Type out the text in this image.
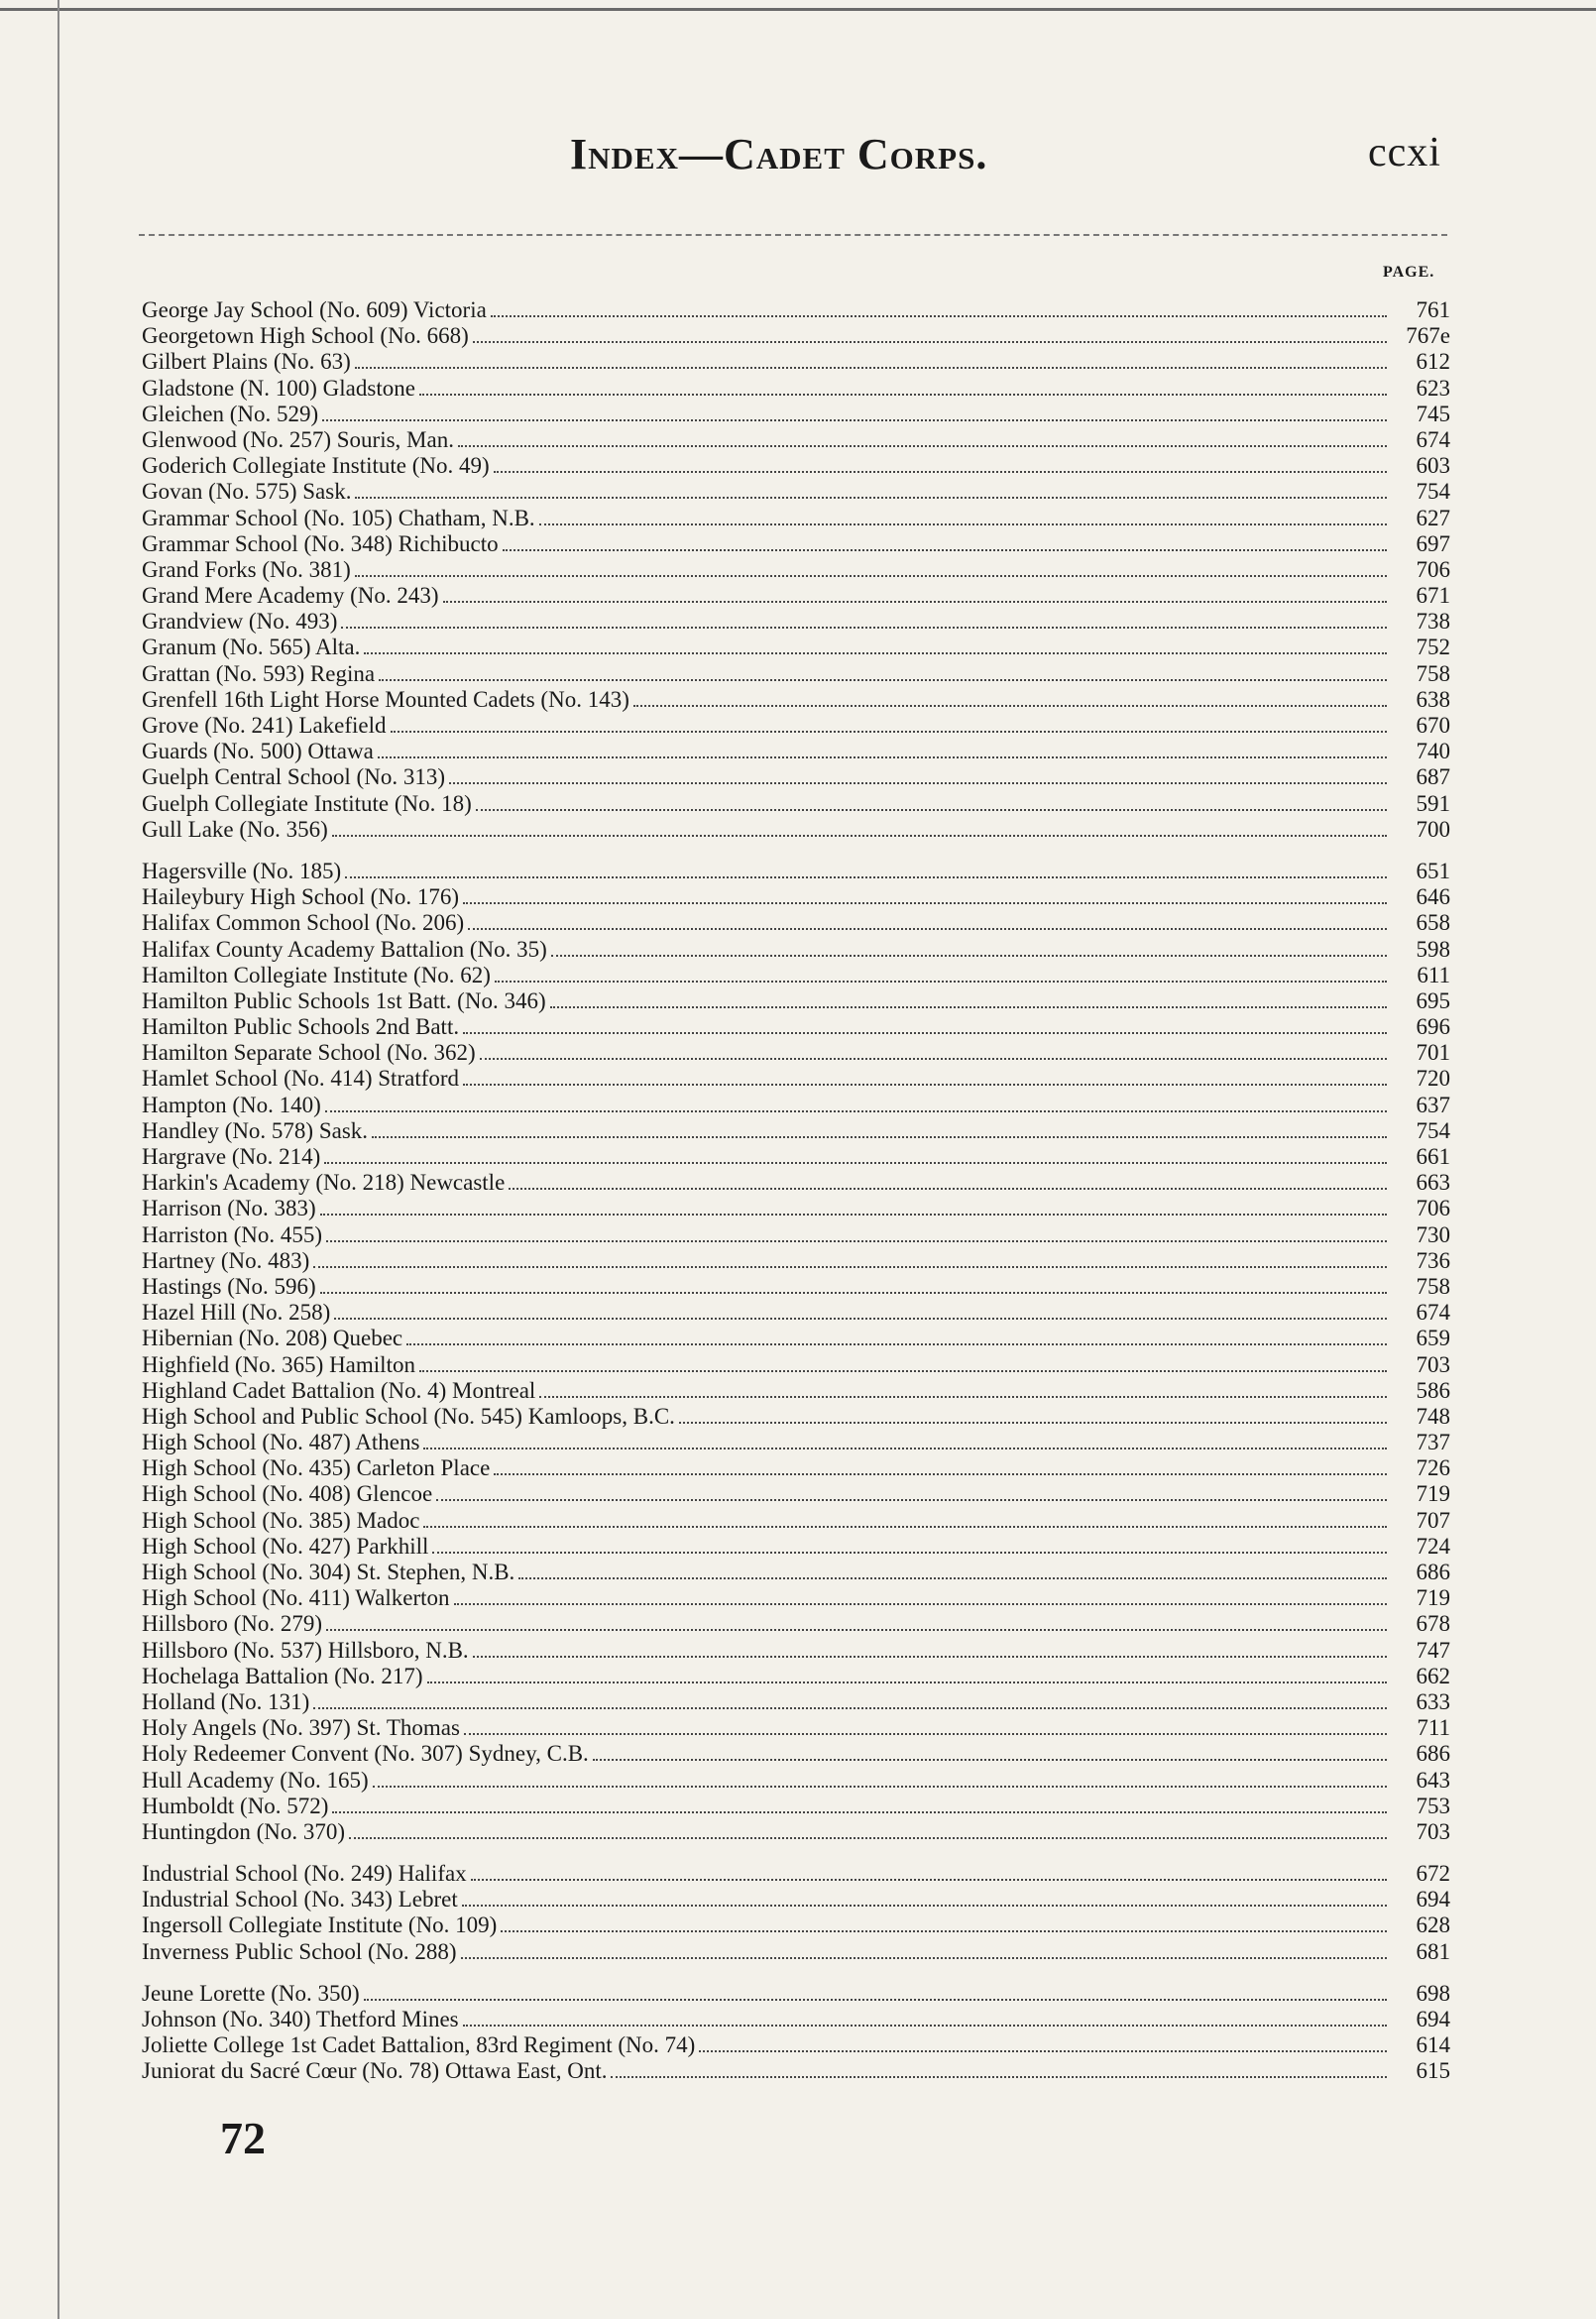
Index—Cadet Corps.	ccxi
PAGE.
George Jay School (No. 609) Victoria	761
Georgetown High School (No. 668)	767e
Gilbert Plains (No. 63)	612
Gladstone (N. 100) Gladstone	623
Gleichen (No. 529)	745
Glenwood (No. 257) Souris, Man.	674
Goderich Collegiate Institute (No. 49)	603
Govan (No. 575) Sask.	754
Grammar School (No. 105) Chatham, N.B.	627
Grammar School (No. 348) Richibucto	697
Grand Forks (No. 381)	706
Grand Mere Academy (No. 243)	671
Grandview (No. 493)	738
Granum (No. 565) Alta.	752
Grattan (No. 593) Regina	758
Grenfell 16th Light Horse Mounted Cadets (No. 143)	638
Grove (No. 241) Lakefield	670
Guards (No. 500) Ottawa	740
Guelph Central School (No. 313)	687
Guelph Collegiate Institute (No. 18)	591
Gull Lake (No. 356)	700
Hagersville (No. 185)	651
Haileybury High School (No. 176)	646
Halifax Common School (No. 206)	658
Halifax County Academy Battalion (No. 35)	598
Hamilton Collegiate Institute (No. 62)	611
Hamilton Public Schools 1st Batt. (No. 346)	695
Hamilton Public Schools 2nd Batt.	696
Hamilton Separate School (No. 362)	701
Hamlet School (No. 414) Stratford	720
Hampton (No. 140)	637
Handley (No. 578) Sask.	754
Hargrave (No. 214)	661
Harkin's Academy (No. 218) Newcastle	663
Harrison (No. 383)	706
Harriston (No. 455)	730
Hartney (No. 483)	736
Hastings (No. 596)	758
Hazel Hill (No. 258)	674
Hibernian (No. 208) Quebec	659
Highfield (No. 365) Hamilton	703
Highland Cadet Battalion (No. 4) Montreal	586
High School and Public School (No. 545) Kamloops, B.C.	748
High School (No. 487) Athens	737
High School (No. 435) Carleton Place	726
High School (No. 408) Glencoe	719
High School (No. 385) Madoc	707
High School (No. 427) Parkhill	724
High School (No. 304) St. Stephen, N.B.	686
High School (No. 411) Walkerton	719
Hillsboro (No. 279)	678
Hillsboro (No. 537) Hillsboro, N.B.	747
Hochelaga Battalion (No. 217)	662
Holland (No. 131)	633
Holy Angels (No. 397) St. Thomas	711
Holy Redeemer Convent (No. 307) Sydney, C.B.	686
Hull Academy (No. 165)	643
Humboldt (No. 572)	753
Huntingdon (No. 370)	703
Industrial School (No. 249) Halifax	672
Industrial School (No. 343) Lebret	694
Ingersoll Collegiate Institute (No. 109)	628
Inverness Public School (No. 288)	681
Jeune Lorette (No. 350)	698
Johnson (No. 340) Thetford Mines	694
Joliette College 1st Cadet Battalion, 83rd Regiment (No. 74)	614
Juniorat du Sacré Cœur (No. 78) Ottawa East, Ont.	615
72
